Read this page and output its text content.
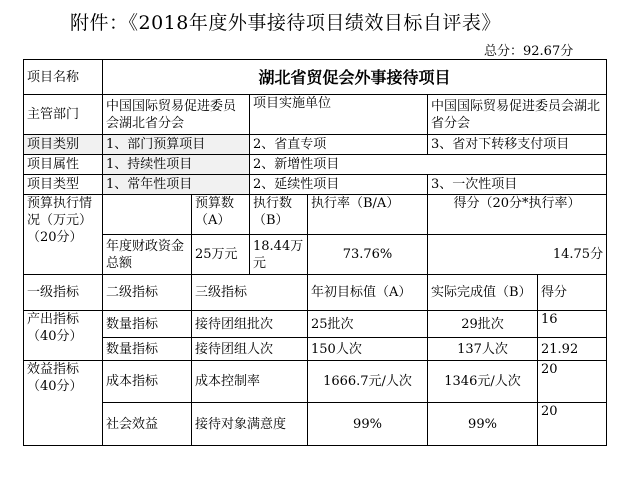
附件：《2018年度外事接待项目绩效目标自评表》
总分：92.67分
项目名称	湖北省贸促会外事接待项目					
主管部门	中国国际贸易促进委员会湖北省分会		项目实施单位		中国国际贸易促进委员会湖北省分会	
项目类别	1、部门预算项目		2、省直专项		3、省对下转移支付项目	
项目属性	1、持续性项目		2、新增性项目			
项目类型	1、常年性项目		2、延续性项目		3、一次性项目	
预算执行情况（万元）（20分）		预算数（A）	执行数（B）	执行率（B/A）	得分（20分*执行率）	
	年度财政资金总额	25万元	18.44万元	73.76%	14.75分	
一级指标	二级指标	三级指标		年初目标值（A）	实际完成值（B）	得分
产出指标（40分）	数量指标	接待团组批次		25批次	29批次	16
	数量指标	接待团组人次		150人次	137人次	21.92
效益指标（40分）	成本指标	成本控制率		1666.7元/人次	1346元/人次	20
	社会效益	接待对象满意度		99%	99%	20
